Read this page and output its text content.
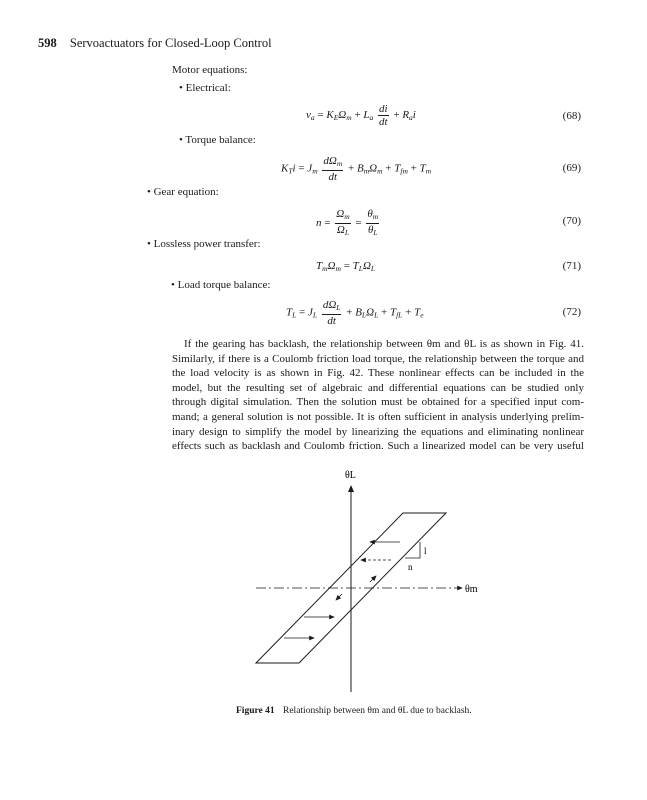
598 Servoactuators for Closed-Loop Control
Motor equations:
• Electrical:
$v_a = K_E\Omega_m + L_a \frac{di}{dt} + R_ai$	(68)
• Torque balance:
$K_Ti = J_m \frac{d\Omega_m}{dt} + B_m\Omega_m + T_{fm} + T_m$	(69)
• Gear equation:
$n = \frac{\Omega_m}{\Omega_L} = \frac{\theta_m}{\theta_L}$	(70)
• Lossless power transfer:
$T_m\Omega_m = T_L\Omega_L$	(71)
• Load torque balance:
$T_L = J_L \frac{d\Omega_L}{dt} + B_L\Omega_L + T_{fL} + T_e$	(72)
If the gearing has backlash, the relationship between θm and θL is as shown in Fig. 41.
Similarly, if there is a Coulomb friction load torque, the relationship between the torque and
the load velocity is as shown in Fig. 42. These nonlinear effects can be included in the
model, but the resulting set of algebraic and differential equations can be studied only
through digital simulation. Then the solution must be obtained for a specified input com-
mand; a general solution is not possible. It is often sufficient in analysis underlying prelim-
inary design to simplify the model by linearizing the equations and eliminating nonlinear
effects such as backlash and Coulomb friction. Such a linearized model can be very useful
θL
θm
l
n
Figure 41 Relationship between θm and θL due to backlash.
